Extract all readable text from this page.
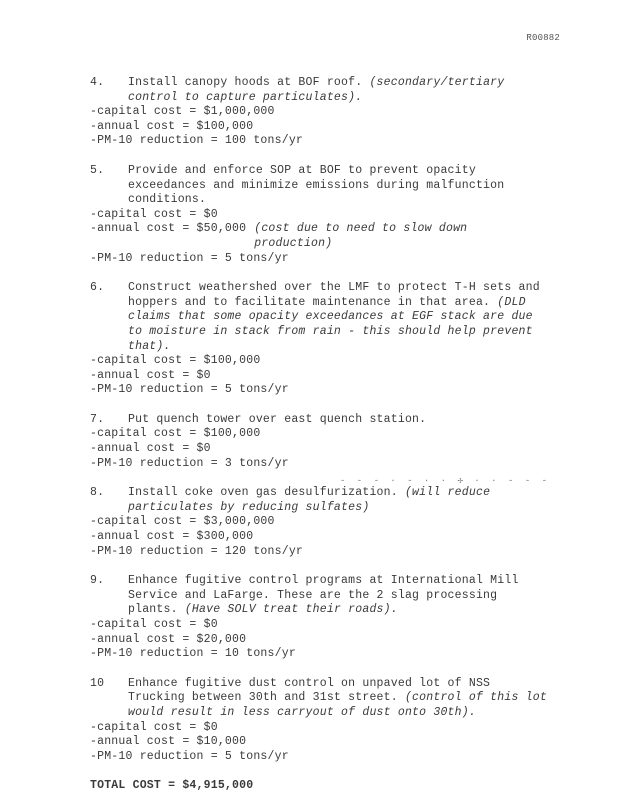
R00882
4.	Install canopy hoods at BOF roof. (secondary/tertiary control to capture particulates).
-capital cost = $1,000,000
-annual cost = $100,000
-PM-10 reduction = 100 tons/yr
5.	Provide and enforce SOP at BOF to prevent opacity exceedances and minimize emissions during malfunction conditions.
-capital cost = $0
-annual cost = $50,000 (cost due to need to slow down production)
-PM-10 reduction = 5 tons/yr
6.	Construct weathershed over the LMF to protect T-H sets and hoppers and to facilitate maintenance in that area. (DLD claims that some opacity exceedances at EGF stack are due to moisture in stack from rain - this should help prevent that).
-capital cost = $100,000
-annual cost = $0
-PM-10 reduction = 5 tons/yr
7.	Put quench tower over east quench station.
-capital cost = $100,000
-annual cost = $0
-PM-10 reduction = 3 tons/yr
8.	Install coke oven gas desulfurization. (will reduce particulates by reducing sulfates)
-capital cost = $3,000,000
-annual cost = $300,000
-PM-10 reduction = 120 tons/yr
9.	Enhance fugitive control programs at International Mill Service and LaFarge. These are the 2 slag processing plants. (Have SOLV treat their roads).
-capital cost = $0
-annual cost = $20,000
-PM-10 reduction = 10 tons/yr
10	Enhance fugitive dust control on unpaved lot of NSS Trucking between 30th and 31st street. (control of this lot would result in less carryout of dust onto 30th).
-capital cost = $0
-annual cost = $10,000
-PM-10 reduction = 5 tons/yr
TOTAL COST = $4,915,000
- - - ∙ - ∙ ∙ ✢ ∙ ∙ - - -
